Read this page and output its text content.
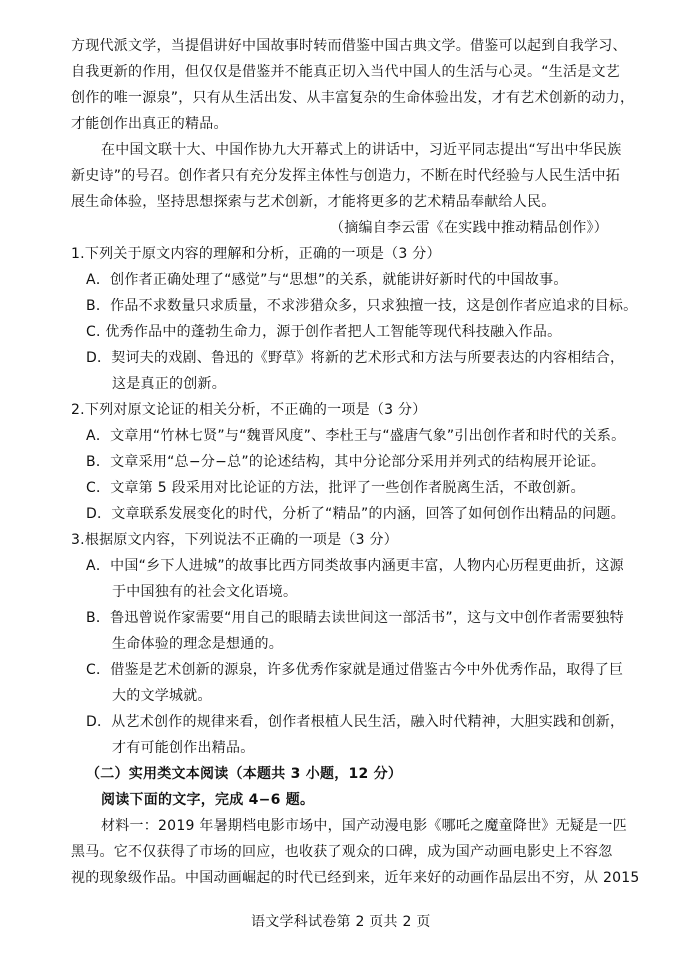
方现代派文学，当提倡讲好中国故事时转而借鉴中国古典文学。借鉴可以起到自我学习、
自我更新的作用，但仅仅是借鉴并不能真正切入当代中国人的生活与心灵。“生活是文艺
创作的唯一源泉”，只有从生活出发、从丰富复杂的生命体验出发，才有艺术创新的动力，
才能创作出真正的精品。
在中国文联十大、中国作协九大开幕式上的讲话中，习近平同志提出“写出中华民族
新史诗”的号召。创作者只有充分发挥主体性与创造力，不断在时代经验与人民生活中拓
展生命体验，坚持思想探索与艺术创新，才能将更多的艺术精品奉献给人民。
（摘编自李云雷《在实践中推动精品创作》）
1.下列关于原文内容的理解和分析，正确的一项是（3 分）
A．创作者正确处理了“感觉”与“思想”的关系，就能讲好新时代的中国故事。
B．作品不求数量只求质量，不求涉猎众多，只求独擅一技，这是创作者应追求的目标。
C. 优秀作品中的蓬勃生命力，源于创作者把人工智能等现代科技融入作品。
D．契诃夫的戏剧、鲁迅的《野草》将新的艺术形式和方法与所要表达的内容相结合，
这是真正的创新。
2.下列对原文论证的相关分析，不正确的一项是（3 分）
A．文章用“竹林七贤”与“魏晋风度”、李杜王与“盛唐气象”引出创作者和时代的关系。
B．文章采用“总−分−总”的论述结构，其中分论部分采用并列式的结构展开论证。
C．文章第 5 段采用对比论证的方法，批评了一些创作者脱离生活，不敢创新。
D．文章联系发展变化的时代，分析了“精品”的内涵，回答了如何创作出精品的问题。
3.根据原文内容，下列说法不正确的一项是（3 分）
A．中国“乡下人进城”的故事比西方同类故事内涵更丰富，人物内心历程更曲折，这源
于中国独有的社会文化语境。
B．鲁迅曾说作家需要“用自己的眼睛去读世间这一部活书”，这与文中创作者需要独特
生命体验的理念是想通的。
C．借鉴是艺术创新的源泉，许多优秀作家就是通过借鉴古今中外优秀作品，取得了巨
大的文学城就。
D．从艺术创作的规律来看，创作者根植人民生活，融入时代精神，大胆实践和创新，
才有可能创作出精品。
（二）实用类文本阅读（本题共 3 小题，12 分）
阅读下面的文字，完成 4−6 题。
材料一：2019 年暑期档电影市场中，国产动漫电影《哪吒之魔童降世》无疑是一匹
黑马。它不仅获得了市场的回应，也收获了观众的口碑，成为国产动画电影史上不容忽
视的现象级作品。中国动画崛起的时代已经到来，近年来好的动画作品层出不穷，从 2015
语文学科试卷第 2 页共 2 页
